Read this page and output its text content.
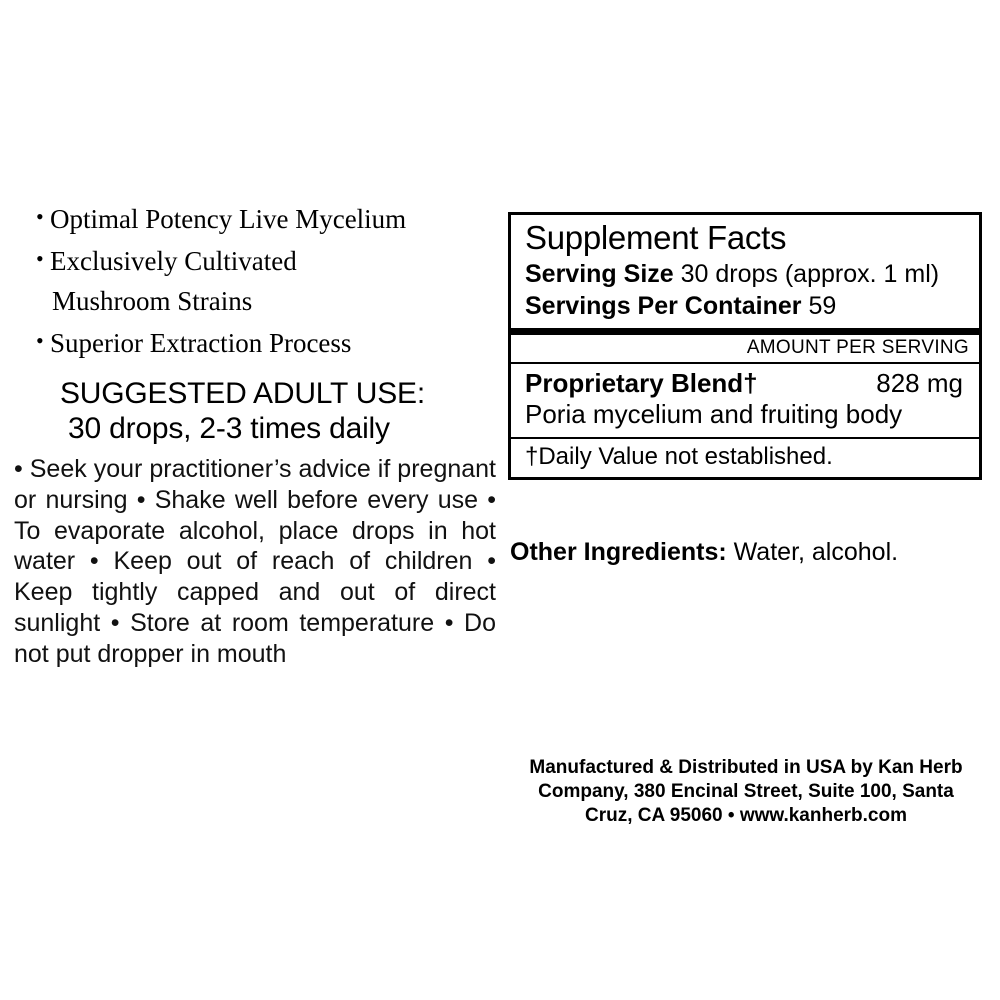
• Optimal Potency Live Mycelium
• Exclusively Cultivated
Mushroom Strains
• Superior Extraction Process
SUGGESTED ADULT USE:
30 drops, 2-3 times daily
• Seek your practitioner’s advice if pregnant or nursing • Shake well before every use • To evaporate alcohol, place drops in hot water • Keep out of reach of children • Keep tightly capped and out of direct sunlight • Store at room temperature • Do not put dropper in mouth
Supplement Facts
Serving Size 30 drops (approx. 1 ml)
Servings Per Container 59
AMOUNT PER SERVING
Proprietary Blend†	828 mg
Poria mycelium and fruiting body
†Daily Value not established.
Other Ingredients: Water, alcohol.
Manufactured & Distributed in USA by Kan Herb
Company, 380 Encinal Street, Suite 100, Santa
Cruz, CA 95060 • www.kanherb.com
